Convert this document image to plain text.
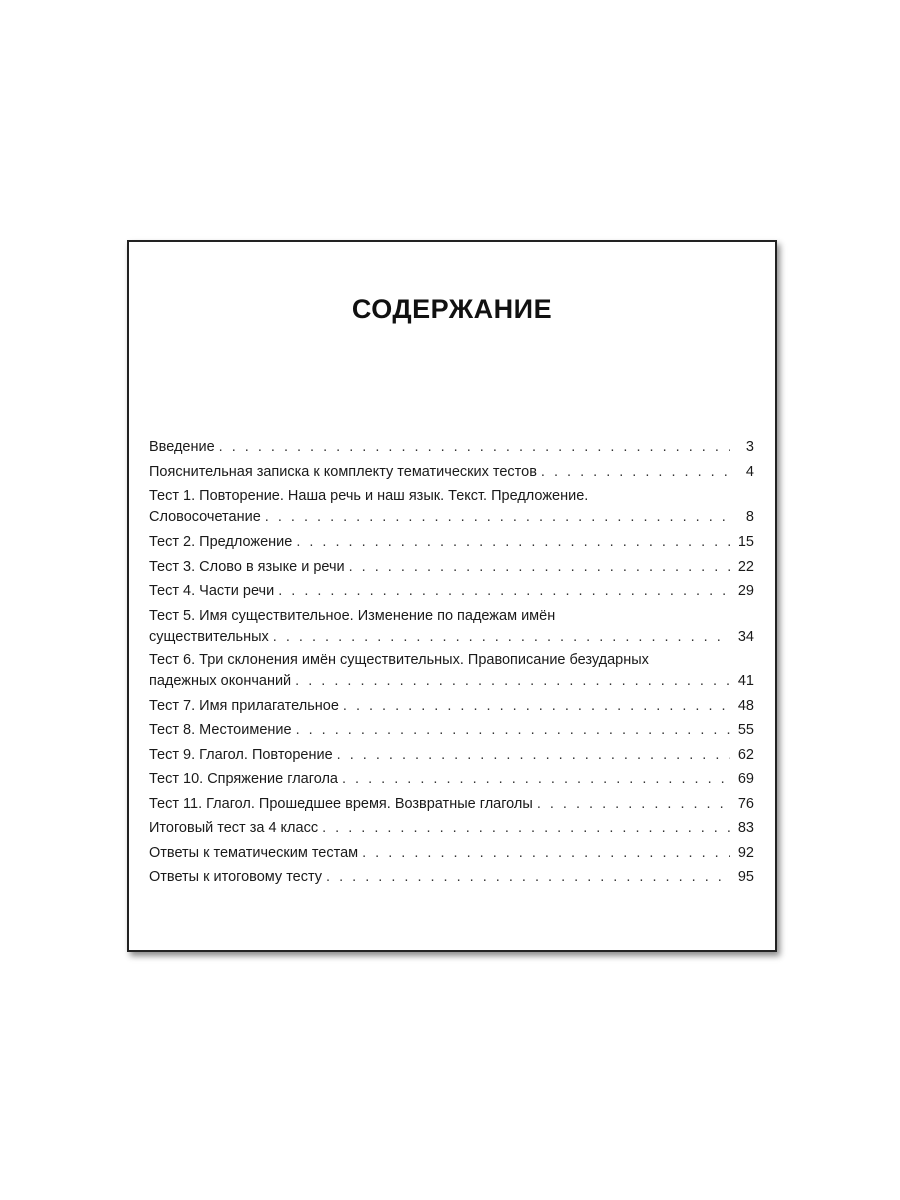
СОДЕРЖАНИЕ
Введение . . .	3
Пояснительная записка к комплекту тематических тестов . . .	4
Тест 1. Повторение. Наша речь и наш язык. Текст. Предложение.
Словосочетание . . .	8
Тест 2. Предложение . . .	15
Тест 3. Слово в языке и речи . . .	22
Тест 4. Части речи . . .	29
Тест 5. Имя существительное. Изменение по падежам имён
существительных . . .	34
Тест 6. Три склонения имён существительных. Правописание безударных
падежных окончаний . . .	41
Тест 7. Имя прилагательное . . .	48
Тест 8. Местоимение . . .	55
Тест 9. Глагол. Повторение . . .	62
Тест 10. Спряжение глагола . . .	69
Тест 11. Глагол. Прошедшее время. Возвратные глаголы . . .	76
Итоговый тест за 4 класс . . .	83
Ответы к тематическим тестам . . .	92
Ответы к итоговому тесту . . .	95
